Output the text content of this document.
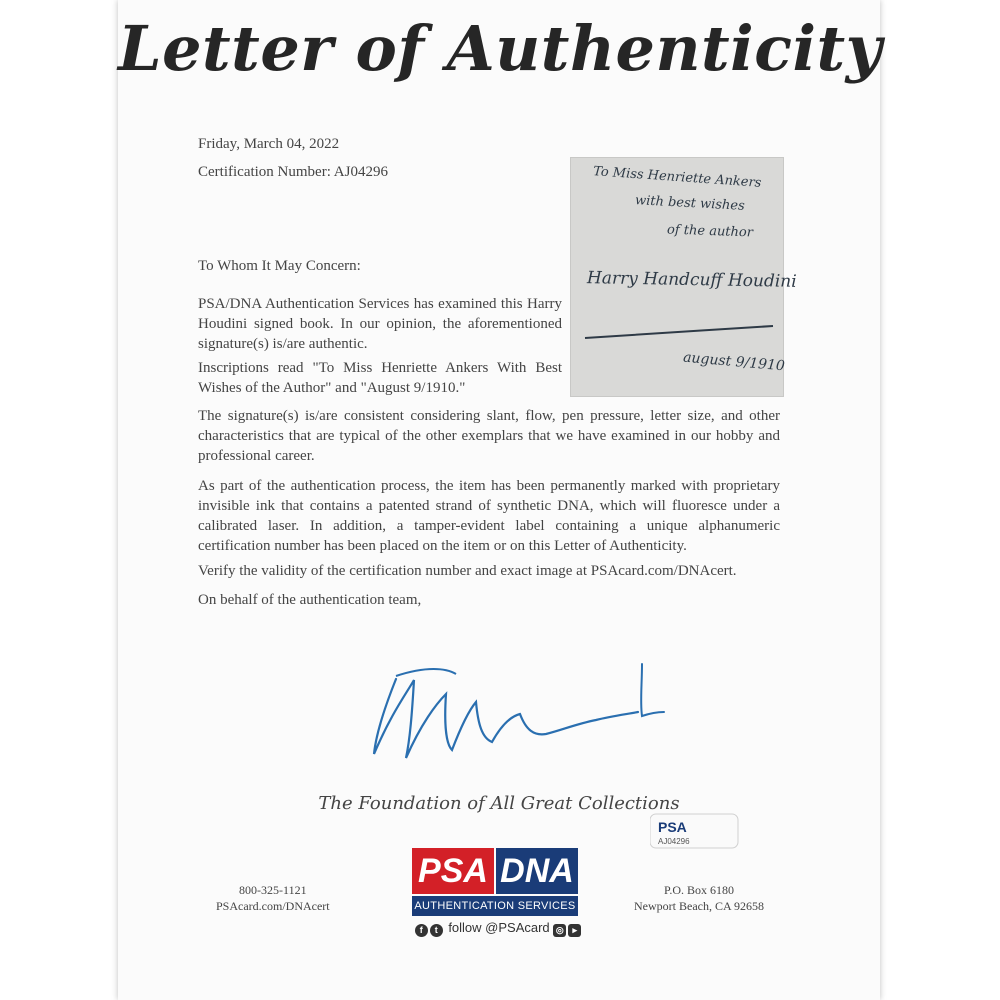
Letter of Authenticity
Friday, March 04, 2022
Certification Number: AJ04296	To Miss Henriette Ankers
with best wishes
of the author
Harry Handcuff Houdini
august 9/1910
To Whom It May Concern:

PSA/DNA Authentication Services has examined this Harry Houdini signed book. In our opinion, the aforementioned signature(s) is/are authentic.

Inscriptions read "To Miss Henriette Ankers With Best Wishes of the Author" and "August 9/1910."

The signature(s) is/are consistent considering slant, flow, pen pressure, letter size, and other characteristics that are typical of the other exemplars that we have examined in our hobby and professional career.

As part of the authentication process, the item has been permanently marked with proprietary invisible ink that contains a patented strand of synthetic DNA, which will fluoresce under a calibrated laser. In addition, a tamper-evident label containing a unique alphanumeric certification number has been placed on the item or on this Letter of Authenticity.

Verify the validity of the certification number and exact image at PSAcard.com/DNAcert.

On behalf of the authentication team,

The Foundation of All Great Collections
PSA
AJ04296
PSA DNA
AUTHENTICATION SERVICES
f t follow @PSAcard ◎ ▸
800-325-1121
PSAcard.com/DNAcert
P.O. Box 6180
Newport Beach, CA 92658
